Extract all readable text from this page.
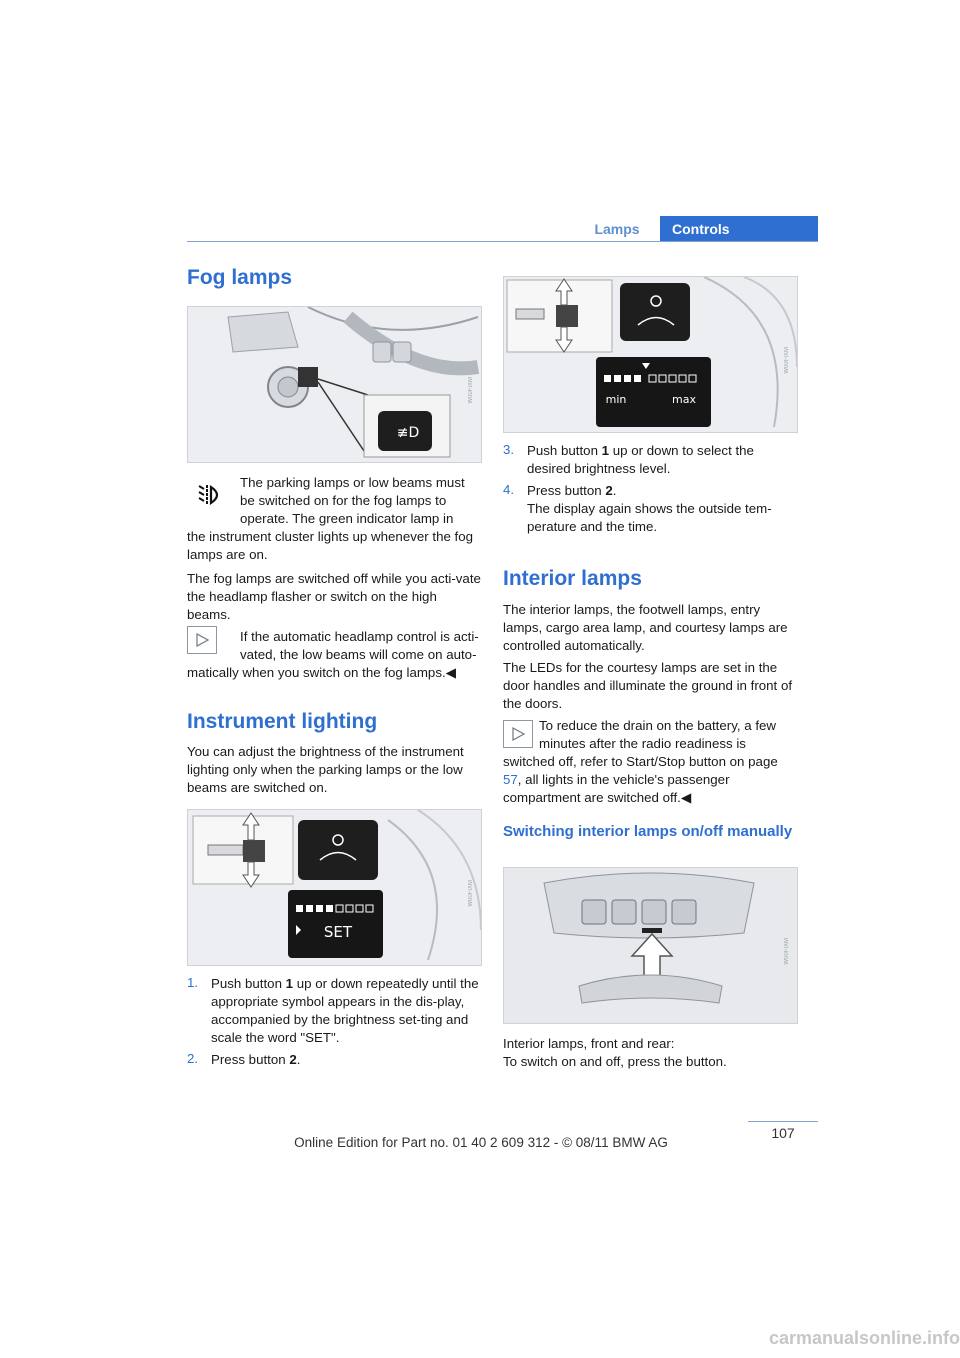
Lamps	Controls
Fog lamps
≢D
W00FIXM

The parking lamps or low beams must

be switched on for the fog lamps to

operate. The green indicator lamp in

the instrument cluster lights up whenever the fog lamps are on.

The fog lamps are switched off while you acti-vate the headlamp flasher or switch on the high beams.

If the automatic headlamp control is acti-

vated, the low beams will come on auto-

matically when you switch on the fog lamps.◀

Instrument lighting

You can adjust the brightness of the instrument lighting only when the parking lamps or the low beams are switched on.

SET
W00FIXM
1. Push button 1 up or down repeatedly until the appropriate symbol appears in the dis-play, accompanied by the brightness set-ting and scale the word "SET".
2. Press button 2.
min	max
W00FIXM
3. Push button 1 up or down to select the desired brightness level.
4. Press button 2.
The display again shows the outside tem-perature and the time.
Interior lamps

The interior lamps, the footwell lamps, entry lamps, cargo area lamp, and courtesy lamps are controlled automatically.

The LEDs for the courtesy lamps are set in the door handles and illuminate the ground in front of the doors.

To reduce the drain on the battery, a few

minutes after the radio readiness is

switched off, refer to Start/Stop button on page 57, all lights in the vehicle's passenger compartment are switched off.◀

Switching interior lamps on/off manually
W00FIXM

Interior lamps, front and rear:

To switch on and off, press the button.

107
Online Edition for Part no. 01 40 2 609 312 - © 08/11 BMW AG
carmanualsonline.info
